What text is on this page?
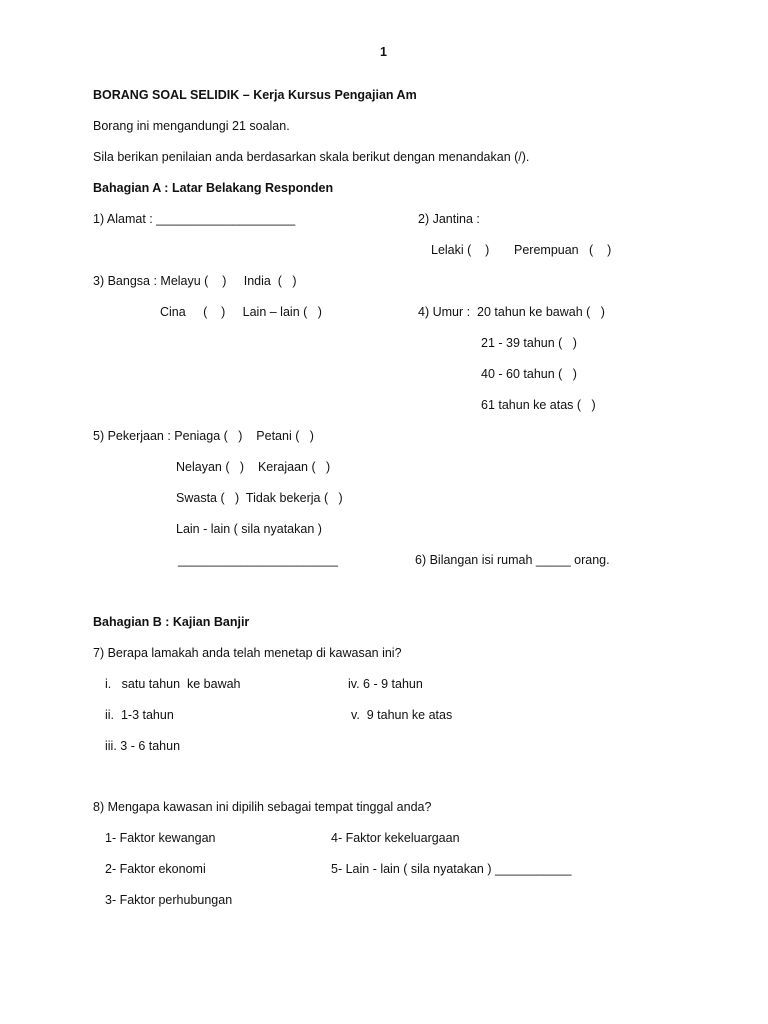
1
BORANG SOAL SELIDIK – Kerja Kursus Pengajian Am
Borang ini mengandungi 21 soalan.
Sila berikan penilaian anda berdasarkan skala berikut dengan menandakan (/).
Bahagian A : Latar Belakang Responden
1) Alamat : ____________________	2) Jantina :
Lelaki (    ) Perempuan   (    )
3) Bangsa : Melayu (    )     India  (   )
Cina     (    )     Lain – lain (   )	4) Umur :  20 tahun ke bawah (   )
21 - 39 tahun (   )
40 - 60 tahun (   )
61 tahun ke atas (   )
5) Pekerjaan : Peniaga (   )    Petani (   )
Nelayan (   )    Kerajaan (   )
Swasta (   )  Tidak bekerja (   )
Lain - lain ( sila nyatakan )
_______________________	6) Bilangan isi rumah _____ orang.
Bahagian B : Kajian Banjir
7) Berapa lamakah anda telah menetap di kawasan ini?
i.   satu tahun  ke bawah	iv. 6 - 9 tahun
ii.  1-3 tahun	v.  9 tahun ke atas
iii. 3 - 6 tahun
8) Mengapa kawasan ini dipilih sebagai tempat tinggal anda?
1- Faktor kewangan	4- Faktor kekeluargaan
2- Faktor ekonomi	5- Lain - lain ( sila nyatakan ) ___________
3- Faktor perhubungan
